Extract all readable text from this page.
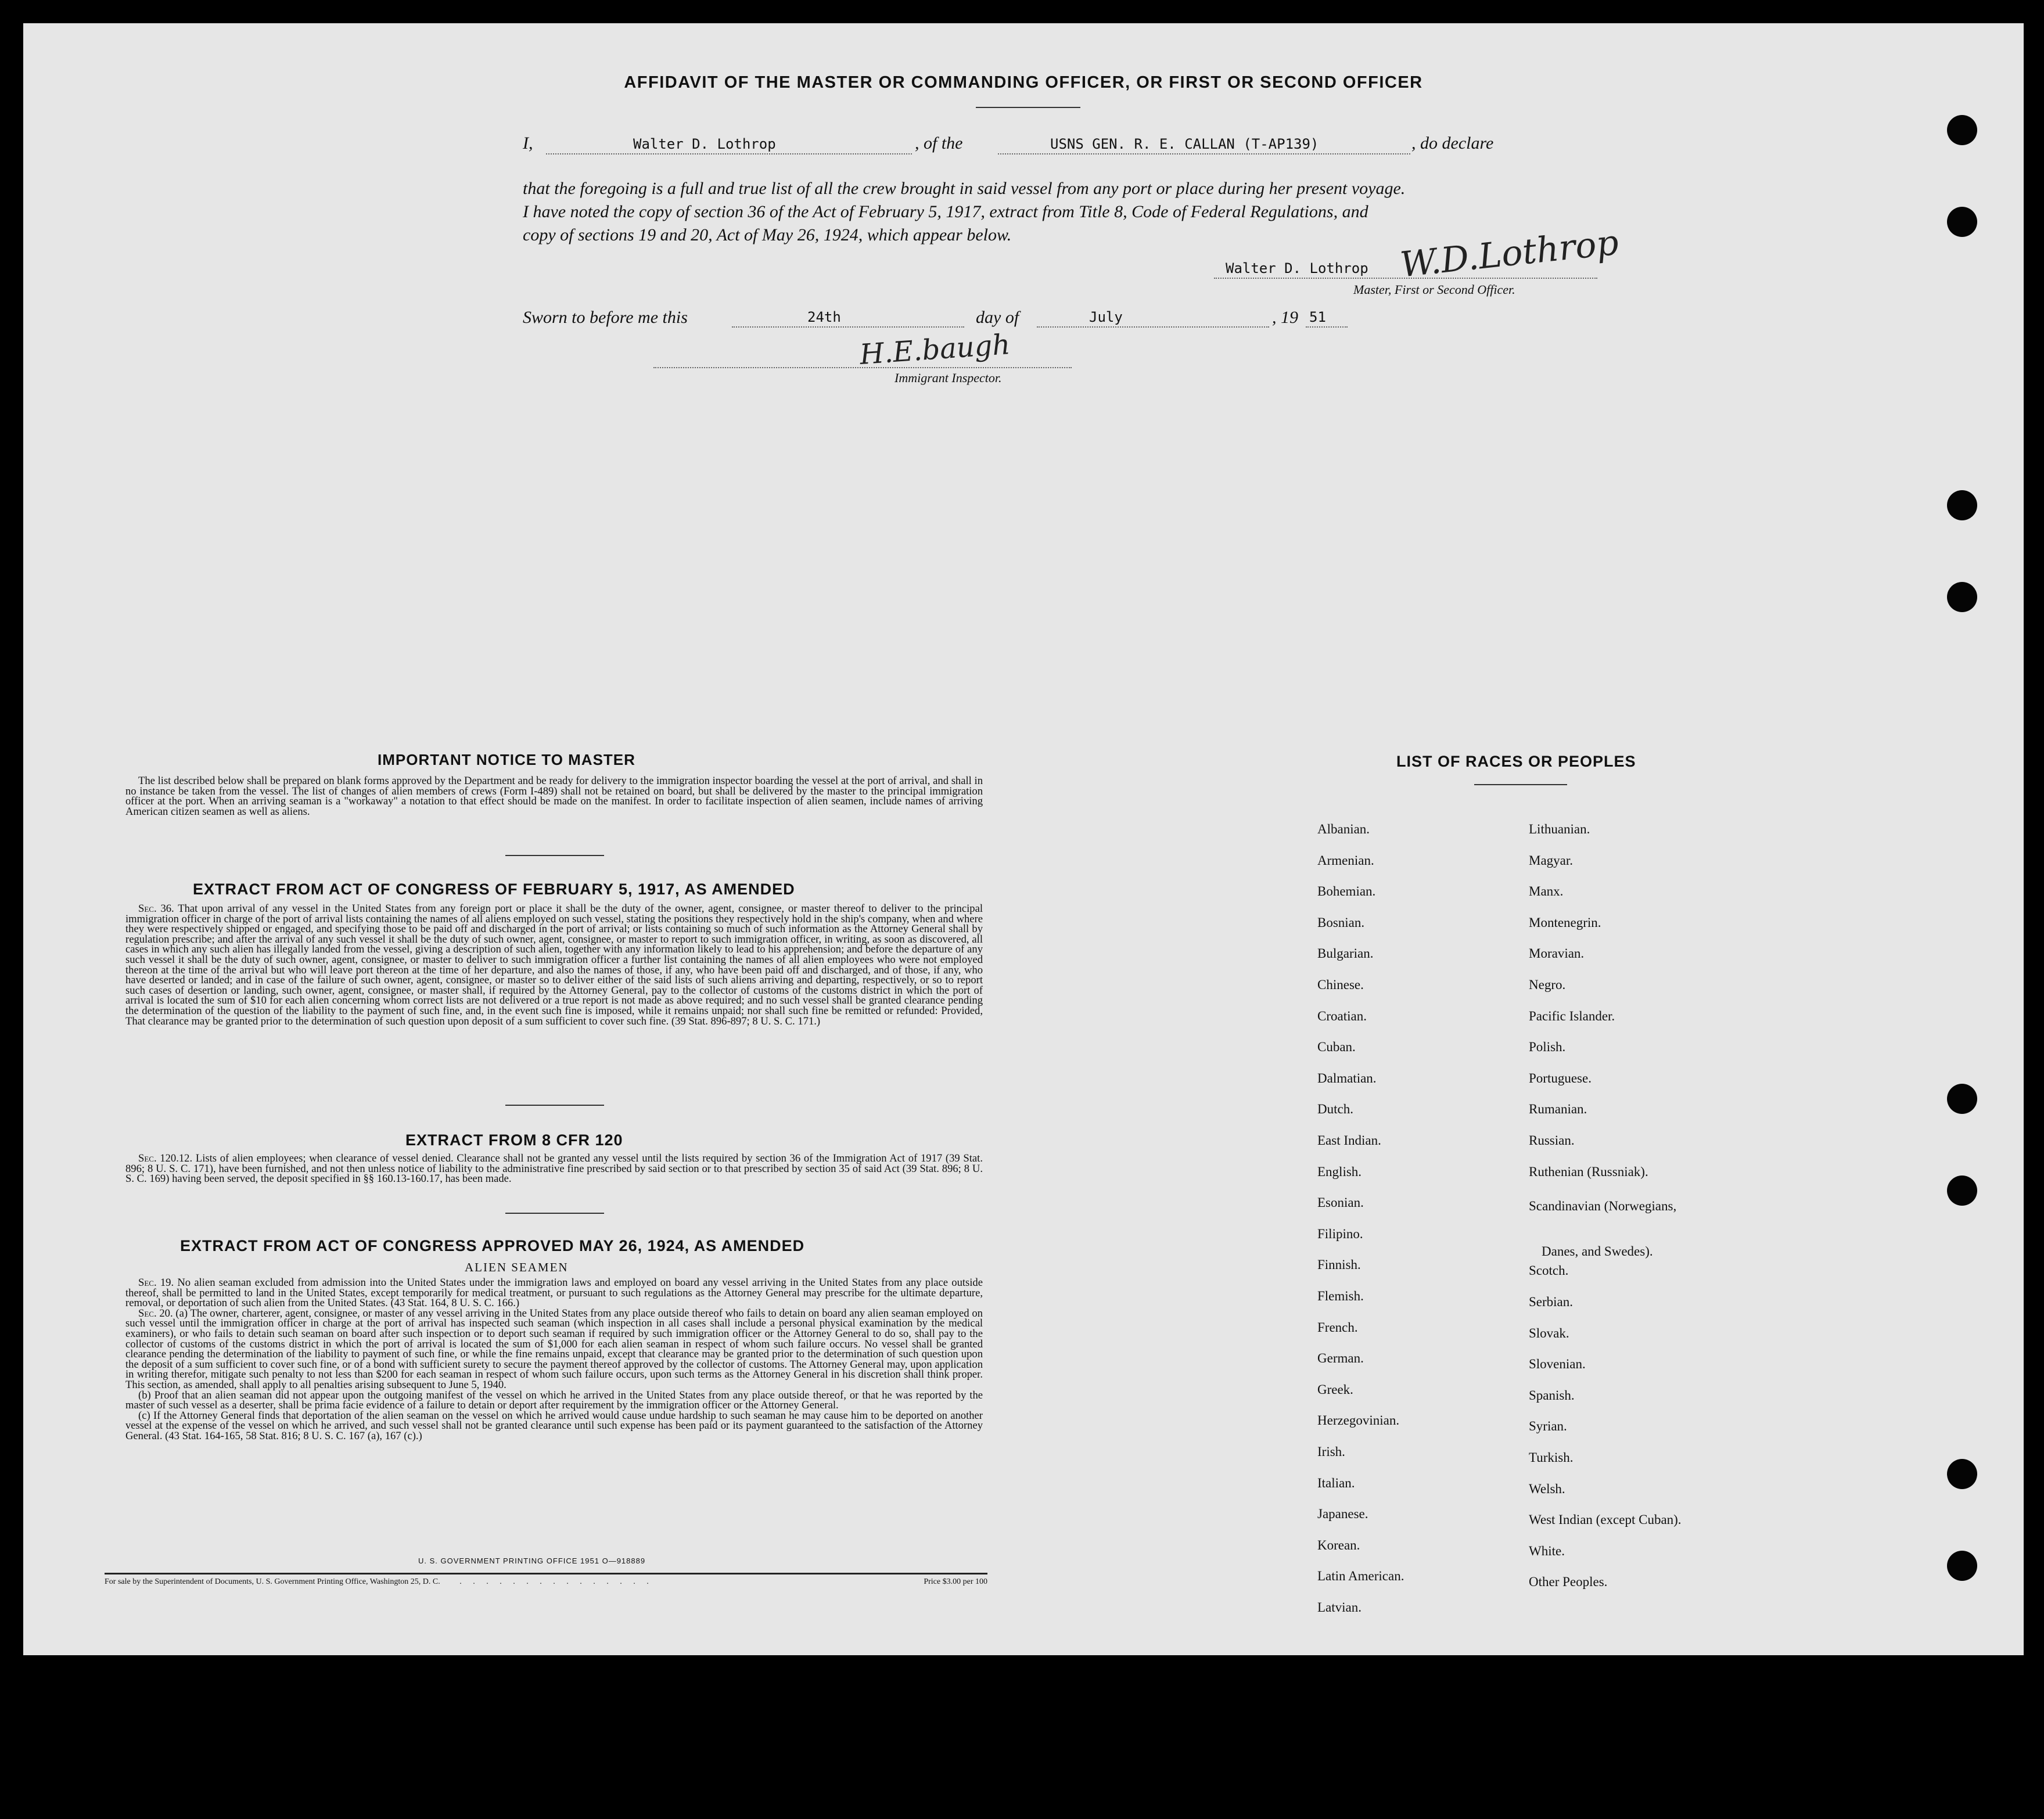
AFFIDAVIT OF THE MASTER OR COMMANDING OFFICER, OR FIRST OR SECOND OFFICER
I,	Walter D. Lothrop	, of the	USNS GEN. R. E. CALLAN (T-AP139)	, do declare
that the foregoing is a full and true list of all the crew brought in said vessel from any port or place during her present voyage.
I have noted the copy of section 36 of the Act of February 5, 1917, extract from Title 8, Code of Federal Regulations, and
copy of sections 19 and 20, Act of May 26, 1924, which appear below.
Walter D. Lothrop W.D.Lothrop
Master, First or Second Officer.
Sworn to before me this	24th	day of	July	, 19 51
H.E.baugh
Immigrant Inspector.
IMPORTANT NOTICE TO MASTER

The list described below shall be prepared on blank forms approved by the Department and be ready for delivery to the immigration inspector boarding the vessel at the port of arrival, and shall in no instance be taken from the vessel. The list of changes of alien members of crews (Form I-489) shall not be retained on board, but shall be delivered by the master to the principal immigration officer at the port. When an arriving seaman is a "workaway" a notation to that effect should be made on the manifest. In order to facilitate inspection of alien seamen, include names of arriving American citizen seamen as well as aliens.

EXTRACT FROM ACT OF CONGRESS OF FEBRUARY 5, 1917, AS AMENDED

Sec. 36. That upon arrival of any vessel in the United States from any foreign port or place it shall be the duty of the owner, agent, consignee, or master thereof to deliver to the principal immigration officer in charge of the port of arrival lists containing the names of all aliens employed on such vessel, stating the positions they respectively hold in the ship's company, when and where they were respectively shipped or engaged, and specifying those to be paid off and discharged in the port of arrival; or lists containing so much of such information as the Attorney General shall by regulation prescribe; and after the arrival of any such vessel it shall be the duty of such owner, agent, consignee, or master to report to such immigration officer, in writing, as soon as discovered, all cases in which any such alien has illegally landed from the vessel, giving a description of such alien, together with any information likely to lead to his apprehension; and before the departure of any such vessel it shall be the duty of such owner, agent, consignee, or master to deliver to such immigration officer a further list containing the names of all alien employees who were not employed thereon at the time of the arrival but who will leave port thereon at the time of her departure, and also the names of those, if any, who have been paid off and discharged, and of those, if any, who have deserted or landed; and in case of the failure of such owner, agent, consignee, or master so to deliver either of the said lists of such aliens arriving and departing, respectively, or so to report such cases of desertion or landing, such owner, agent, consignee, or master shall, if required by the Attorney General, pay to the collector of customs of the customs district in which the port of arrival is located the sum of $10 for each alien concerning whom correct lists are not delivered or a true report is not made as above required; and no such vessel shall be granted clearance pending the determination of the question of the liability to the payment of such fine, and, in the event such fine is imposed, while it remains unpaid; nor shall such fine be remitted or refunded: Provided, That clearance may be granted prior to the determination of such question upon deposit of a sum sufficient to cover such fine. (39 Stat. 896-897; 8 U. S. C. 171.)

EXTRACT FROM 8 CFR 120

Sec. 120.12. Lists of alien employees; when clearance of vessel denied. Clearance shall not be granted any vessel until the lists required by section 36 of the Immigration Act of 1917 (39 Stat. 896; 8 U. S. C. 171), have been furnished, and not then unless notice of liability to the administrative fine prescribed by said section or to that prescribed by section 35 of said Act (39 Stat. 896; 8 U. S. C. 169) having been served, the deposit specified in §§ 160.13-160.17, has been made.

EXTRACT FROM ACT OF CONGRESS APPROVED MAY 26, 1924, AS AMENDED
ALIEN SEAMEN

Sec. 19. No alien seaman excluded from admission into the United States under the immigration laws and employed on board any vessel arriving in the United States from any place outside thereof, shall be permitted to land in the United States, except temporarily for medical treatment, or pursuant to such regulations as the Attorney General may prescribe for the ultimate departure, removal, or deportation of such alien from the United States. (43 Stat. 164, 8 U. S. C. 166.)

Sec. 20. (a) The owner, charterer, agent, consignee, or master of any vessel arriving in the United States from any place outside thereof who fails to detain on board any alien seaman employed on such vessel until the immigration officer in charge at the port of arrival has inspected such seaman (which inspection in all cases shall include a personal physical examination by the medical examiners), or who fails to detain such seaman on board after such inspection or to deport such seaman if required by such immigration officer or the Attorney General to do so, shall pay to the collector of customs of the customs district in which the port of arrival is located the sum of $1,000 for each alien seaman in respect of whom such failure occurs. No vessel shall be granted clearance pending the determination of the liability to payment of such fine, or while the fine remains unpaid, except that clearance may be granted prior to the determination of such question upon the deposit of a sum sufficient to cover such fine, or of a bond with sufficient surety to secure the payment thereof approved by the collector of customs. The Attorney General may, upon application in writing therefor, mitigate such penalty to not less than $200 for each seaman in respect of whom such failure occurs, upon such terms as the Attorney General in his discretion shall think proper. This section, as amended, shall apply to all penalties arising subsequent to June 5, 1940.

(b) Proof that an alien seaman did not appear upon the outgoing manifest of the vessel on which he arrived in the United States from any place outside thereof, or that he was reported by the master of such vessel as a deserter, shall be prima facie evidence of a failure to detain or deport after requirement by the immigration officer or the Attorney General.

(c) If the Attorney General finds that deportation of the alien seaman on the vessel on which he arrived would cause undue hardship to such seaman he may cause him to be deported on another vessel at the expense of the vessel on which he arrived, and such vessel shall not be granted clearance until such expense has been paid or its payment guaranteed to the satisfaction of the Attorney General. (43 Stat. 164-165, 58 Stat. 816; 8 U. S. C. 167 (a), 167 (c).)

U. S. GOVERNMENT PRINTING OFFICE 1951 O—918889
For sale by the Superintendent of Documents, U. S. Government Printing Office, Washington 25, D. C. . . . . . . . . . . . . . . .	Price $3.00 per 100
LIST OF RACES OR PEOPLES
Albanian.
Armenian.
Bohemian.
Bosnian.
Bulgarian.
Chinese.
Croatian.
Cuban.
Dalmatian.
Dutch.
East Indian.
English.
Esonian.
Filipino.
Finnish.
Flemish.
French.
German.
Greek.
Herzegovinian.
Irish.
Italian.
Japanese.
Korean.
Latin American.
Latvian.
Lithuanian.
Magyar.
Manx.
Montenegrin.
Moravian.
Negro.
Pacific Islander.
Polish.
Portuguese.
Rumanian.
Russian.
Ruthenian (Russniak).
Scandinavian (Norwegians,
Danes, and Swedes).
Scotch.
Serbian.
Slovak.
Slovenian.
Spanish.
Syrian.
Turkish.
Welsh.
West Indian (except Cuban).
White.
Other Peoples.
